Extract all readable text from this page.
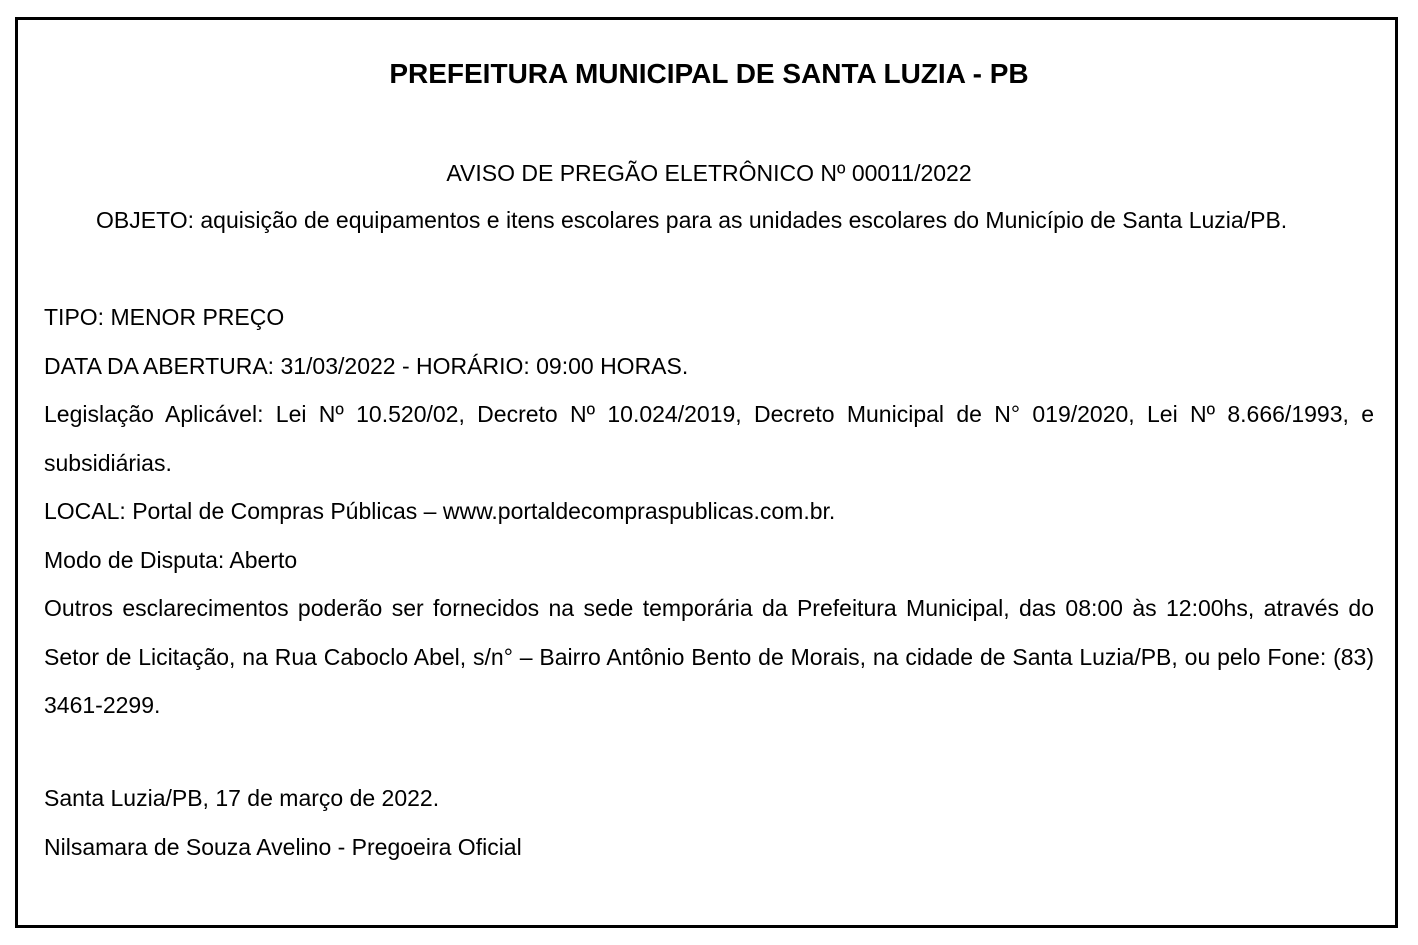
PREFEITURA MUNICIPAL DE SANTA LUZIA - PB
AVISO DE PREGÃO ELETRÔNICO Nº 00011/2022

OBJETO: aquisição de equipamentos e itens escolares para as unidades escolares do Município de Santa Luzia/PB.

TIPO: MENOR PREÇO

DATA DA ABERTURA: 31/03/2022 - HORÁRIO: 09:00 HORAS.

Legislação Aplicável: Lei Nº 10.520/02, Decreto Nº 10.024/2019, Decreto Municipal de N° 019/2020, Lei Nº 8.666/1993, e subsidiárias.

LOCAL: Portal de Compras Públicas – www.portaldecompraspublicas.com.br.

Modo de Disputa: Aberto

Outros esclarecimentos poderão ser fornecidos na sede temporária da Prefeitura Municipal, das 08:00 às 12:00hs, através do Setor de Licitação, na Rua Caboclo Abel, s/n° – Bairro Antônio Bento de Morais, na cidade de Santa Luzia/PB, ou pelo Fone: (83) 3461-2299.

Santa Luzia/PB, 17 de março de 2022.

Nilsamara de Souza Avelino - Pregoeira Oficial
